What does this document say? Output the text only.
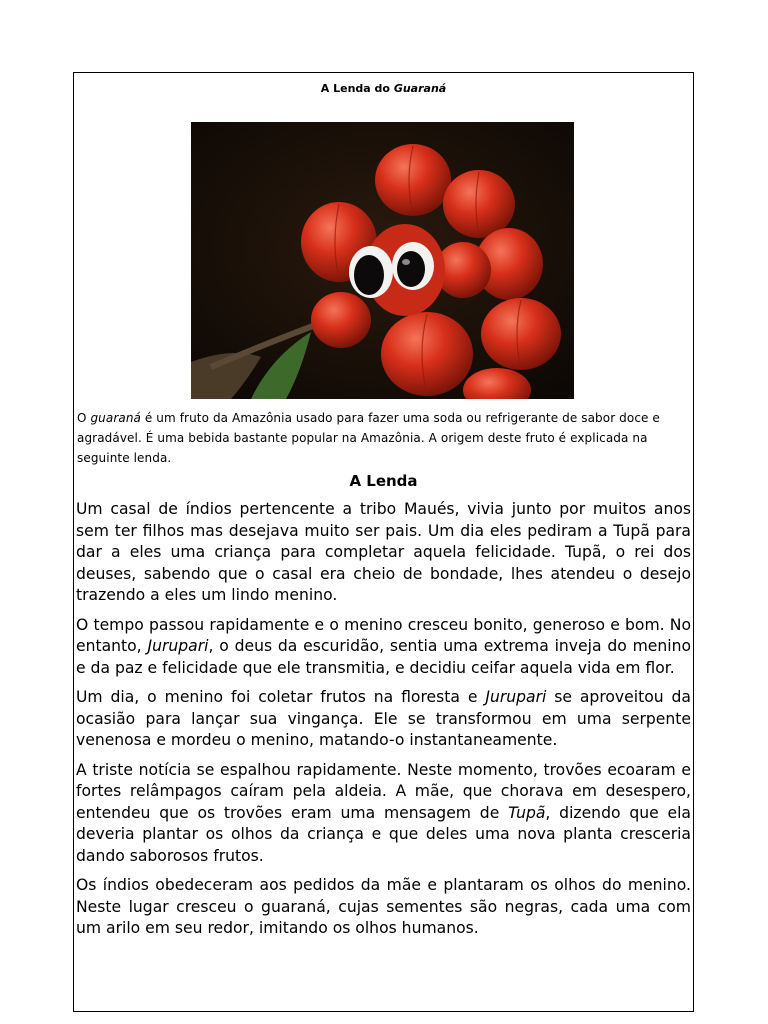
A Lenda do Guaraná
O guaraná é um fruto da Amazônia usado para fazer uma soda ou refrigerante de sabor doce e agradável. É uma bebida bastante popular na Amazônia. A origem deste fruto é explicada na seguinte lenda.
A Lenda

Um casal de índios pertencente a tribo Maués, vivia junto por muitos anos sem ter filhos mas desejava muito ser pais. Um dia eles pediram a Tupã para dar a eles uma criança para completar aquela felicidade. Tupã, o rei dos deuses, sabendo que o casal era cheio de bondade, lhes atendeu o desejo trazendo a eles um lindo menino.

O tempo passou rapidamente e o menino cresceu bonito, generoso e bom. No entanto, Jurupari, o deus da escuridão, sentia uma extrema inveja do menino e da paz e felicidade que ele transmitia, e decidiu ceifar aquela vida em flor.

Um dia, o menino foi coletar frutos na floresta e Jurupari se aproveitou da ocasião para lançar sua vingança. Ele se transformou em uma serpente venenosa e mordeu o menino, matando-o instantaneamente.

A triste notícia se espalhou rapidamente. Neste momento, trovões ecoaram e fortes relâmpagos caíram pela aldeia. A mãe, que chorava em desespero, entendeu que os trovões eram uma mensagem de Tupã, dizendo que ela deveria plantar os olhos da criança e que deles uma nova planta cresceria dando saborosos frutos.

Os índios obedeceram aos pedidos da mãe e plantaram os olhos do menino. Neste lugar cresceu o guaraná, cujas sementes são negras, cada uma com um arilo em seu redor, imitando os olhos humanos.
